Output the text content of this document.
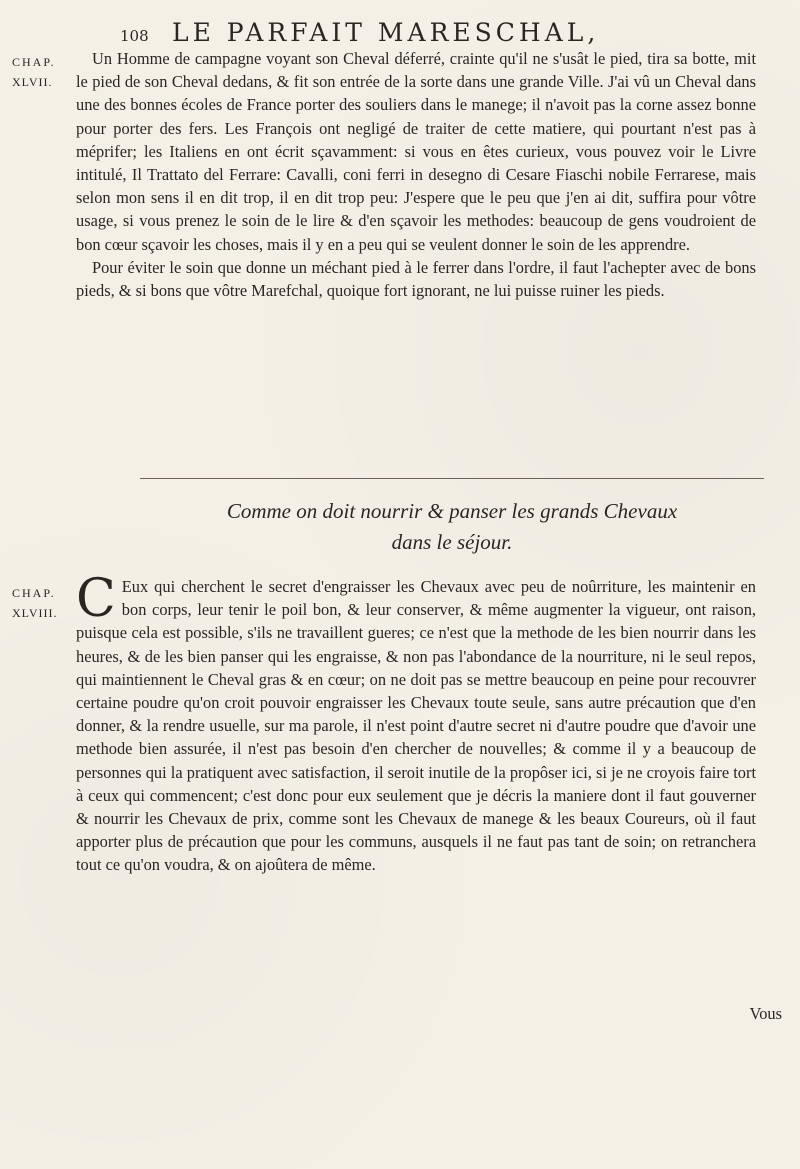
108 LE PARFAIT MARESCHAL,
CHAP.
XLVII.

Un Homme de campagne voyant son Cheval déferré, crainte qu'il ne s'usât le pied, tira sa botte, mit le pied de son Cheval dedans, & fit son entrée de la sorte dans une grande Ville. J'ai vû un Cheval dans une des bonnes écoles de France porter des souliers dans le manege; il n'avoit pas la corne assez bonne pour porter des fers. Les François ont negligé de traiter de cette matiere, qui pourtant n'est pas à méprifer; les Italiens en ont écrit sçavamment: si vous en êtes curieux, vous pouvez voir le Livre intitulé, Il Trattato del Ferrare: Cavalli, coni ferri in desegno di Cesare Fiaschi nobile Ferrarese, mais selon mon sens il en dit trop, il en dit trop peu: J'espere que le peu que j'en ai dit, suffira pour vôtre usage, si vous prenez le soin de le lire & d'en sçavoir les methodes: beaucoup de gens voudroient de bon cœur sçavoir les choses, mais il y en a peu qui se veulent donner le soin de les apprendre.

Pour éviter le soin que donne un méchant pied à le ferrer dans l'ordre, il faut l'achepter avec de bons pieds, & si bons que vôtre Marefchal, quoique fort ignorant, ne lui puisse ruiner les pieds.

Comme on doit nourrir & panser les grands Chevaux
dans le séjour.
CHAP.
XLVIII. C Eux qui cherchent le secret d'engraisser les Chevaux avec peu de noûrriture, les maintenir en bon corps, leur tenir le poil bon, & leur conserver, & même augmenter la vigueur, ont raison, puisque cela est possible, s'ils ne travaillent gueres; ce n'est que la methode de les bien nourrir dans les heures, & de les bien panser qui les engraisse, & non pas l'abondance de la nourriture, ni le seul repos, qui maintiennent le Cheval gras & en cœur; on ne doit pas se mettre beaucoup en peine pour recouvrer certaine poudre qu'on croit pouvoir engraisser les Chevaux toute seule, sans autre précaution que d'en donner, & la rendre usuelle, sur ma parole, il n'est point d'autre secret ni d'autre poudre que d'avoir une methode bien assurée, il n'est pas besoin d'en chercher de nouvelles; & comme il y a beaucoup de personnes qui la pratiquent avec satisfaction, il seroit inutile de la propôser ici, si je ne croyois faire tort à ceux qui commencent; c'est donc pour eux seulement que je décris la maniere dont il faut gouverner & nourrir les Chevaux de prix, comme sont les Chevaux de manege & les beaux Coureurs, où il faut apporter plus de précaution que pour les communs, ausquels il ne faut pas tant de soin; on retranchera tout ce qu'on voudra, & on ajoûtera de même.

Vous
